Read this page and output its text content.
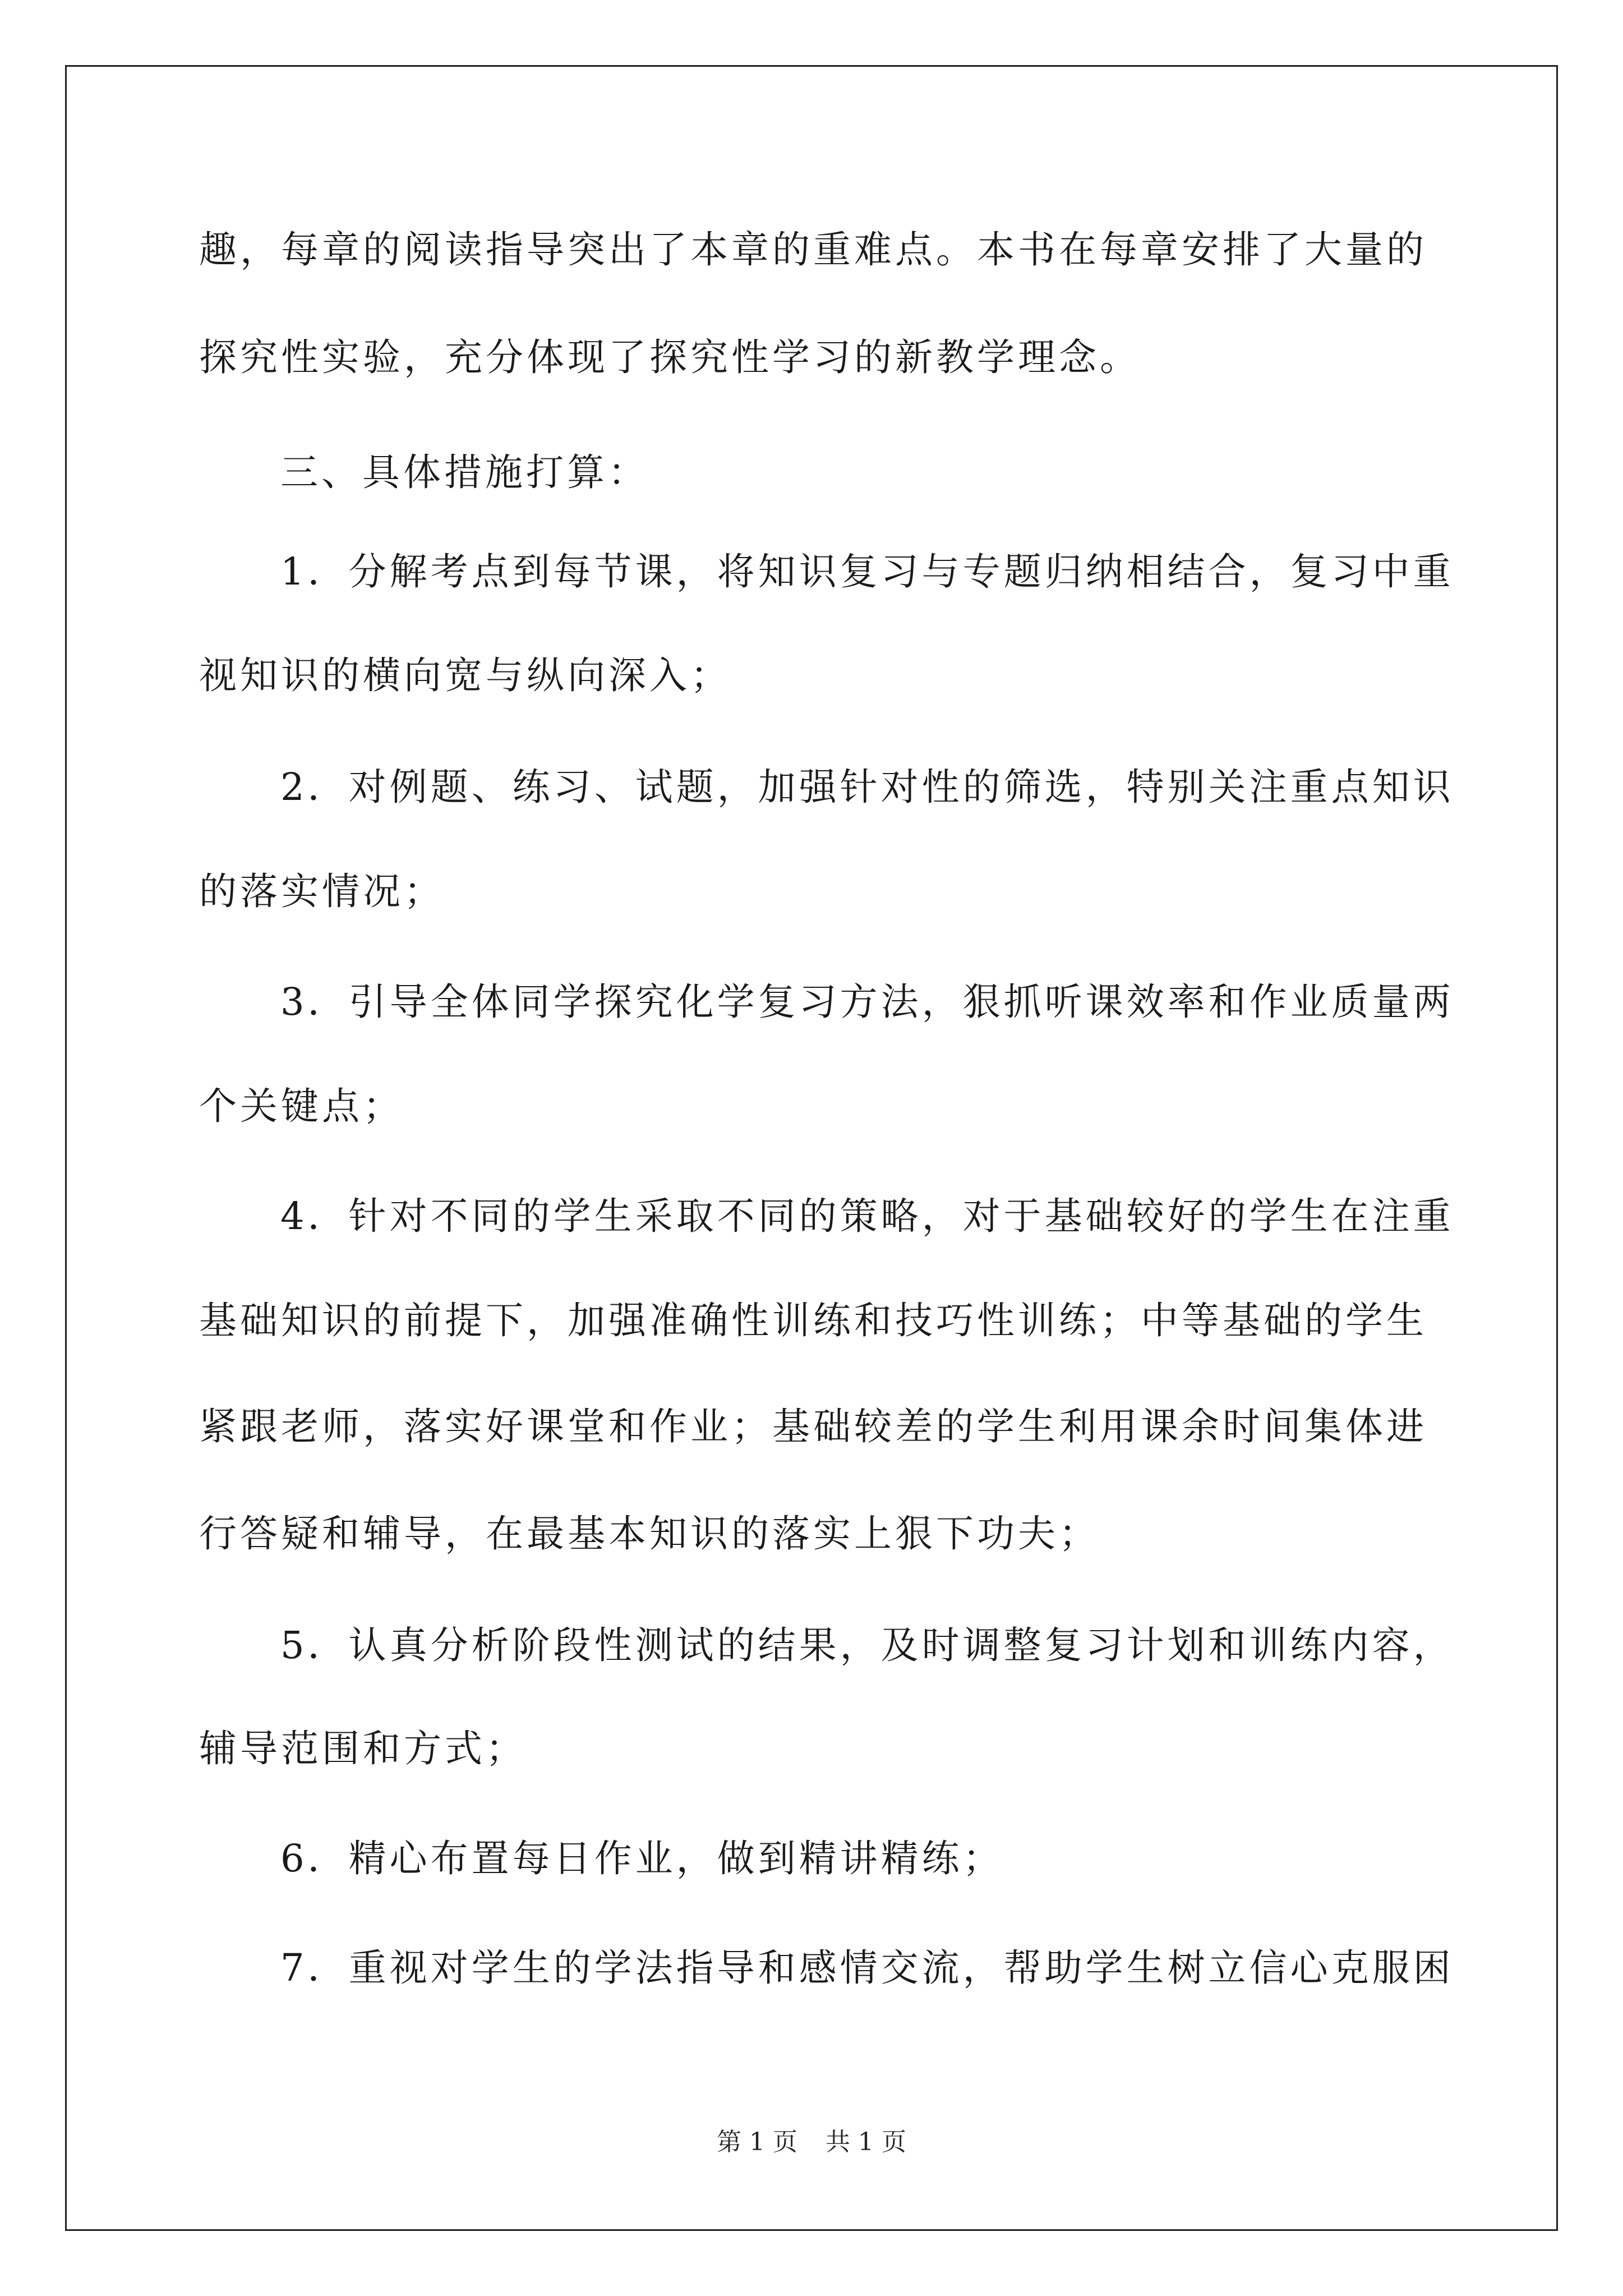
趣，每章的阅读指导突出了本章的重难点。本书在每章安排了大量的
探究性实验，充分体现了探究性学习的新教学理念。
三、具体措施打算：
1．分解考点到每节课，将知识复习与专题归纳相结合，复习中重
视知识的横向宽与纵向深入；
2．对例题、练习、试题，加强针对性的筛选，特别关注重点知识
的落实情况；
3．引导全体同学探究化学复习方法，狠抓听课效率和作业质量两
个关键点；
4．针对不同的学生采取不同的策略，对于基础较好的学生在注重
基础知识的前提下，加强准确性训练和技巧性训练；中等基础的学生
紧跟老师，落实好课堂和作业；基础较差的学生利用课余时间集体进
行答疑和辅导，在最基本知识的落实上狠下功夫；
5．认真分析阶段性测试的结果，及时调整复习计划和训练内容，
辅导范围和方式；
6．精心布置每日作业，做到精讲精练；
7．重视对学生的学法指导和感情交流，帮助学生树立信心克服困
第 1 页 共 1 页
